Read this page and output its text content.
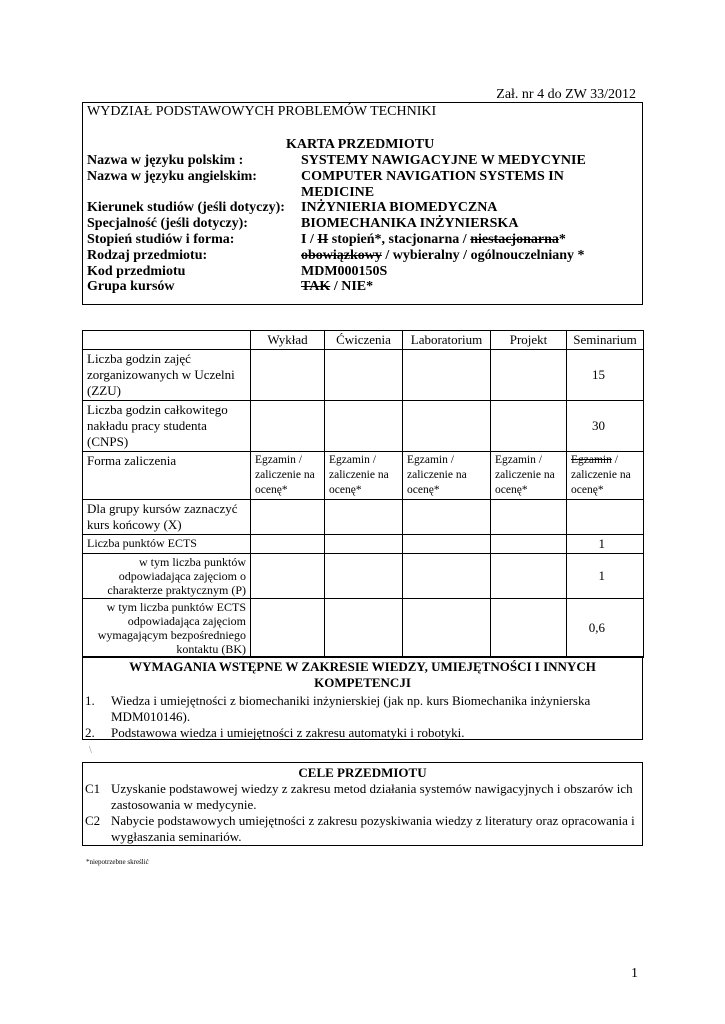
Zał. nr 4 do ZW 33/2012
WYDZIAŁ PODSTAWOWYCH PROBLEMÓW TECHNIKI
KARTA PRZEDMIOTU
Nazwa w języku polskim :	SYSTEMY NAWIGACYJNE W MEDYCYNIE
Nazwa w języku angielskim:	COMPUTER NAVIGATION SYSTEMS IN
MEDICINE
Kierunek studiów (jeśli dotyczy):	INŻYNIERIA BIOMEDYCZNA
Specjalność (jeśli dotyczy):	BIOMECHANIKA INŻYNIERSKA
Stopień studiów i forma:	I / II stopień*, stacjonarna / niestacjonarna*
Rodzaj przedmiotu:	obowiązkowy / wybieralny / ogólnouczelniany *
Kod przedmiotu	MDM000150S
Grupa kursów	TAK / NIE*
	Wykład	Ćwiczenia	Laboratorium	Projekt	Seminarium
Liczba godzin zajęć zorganizowanych w Uczelni (ZZU)					15
Liczba godzin całkowitego nakładu pracy studenta (CNPS)					30
Forma zaliczenia	Egzamin / zaliczenie na ocenę*	Egzamin / zaliczenie na ocenę*	Egzamin / zaliczenie na ocenę*	Egzamin / zaliczenie na ocenę*	Egzamin / zaliczenie na ocenę*
Dla grupy kursów zaznaczyć kurs końcowy (X)					
Liczba punktów ECTS					1
w tym liczba punktów odpowiadająca zajęciom o charakterze praktycznym (P)					1
w tym liczba punktów ECTS odpowiadająca zajęciom wymagającym bezpośredniego kontaktu (BK)					0,6
WYMAGANIA WSTĘPNE W ZAKRESIE WIEDZY, UMIEJĘTNOŚCI I INNYCH KOMPETENCJI
1.	Wiedza i umiejętności z biomechaniki inżynierskiej (jak np. kurs Biomechanika inżynierska MDM010146).
2.	Podstawowa wiedza i umiejętności z zakresu automatyki i robotyki.
\
CELE PRZEDMIOTU
C1 Uzyskanie podstawowej wiedzy z zakresu metod działania systemów nawigacyjnych i obszarów ich zastosowania w medycynie.
C2 Nabycie podstawowych umiejętności z zakresu pozyskiwania wiedzy z literatury oraz opracowania i wygłaszania seminariów.
*niepotrzebne skreślić
1
